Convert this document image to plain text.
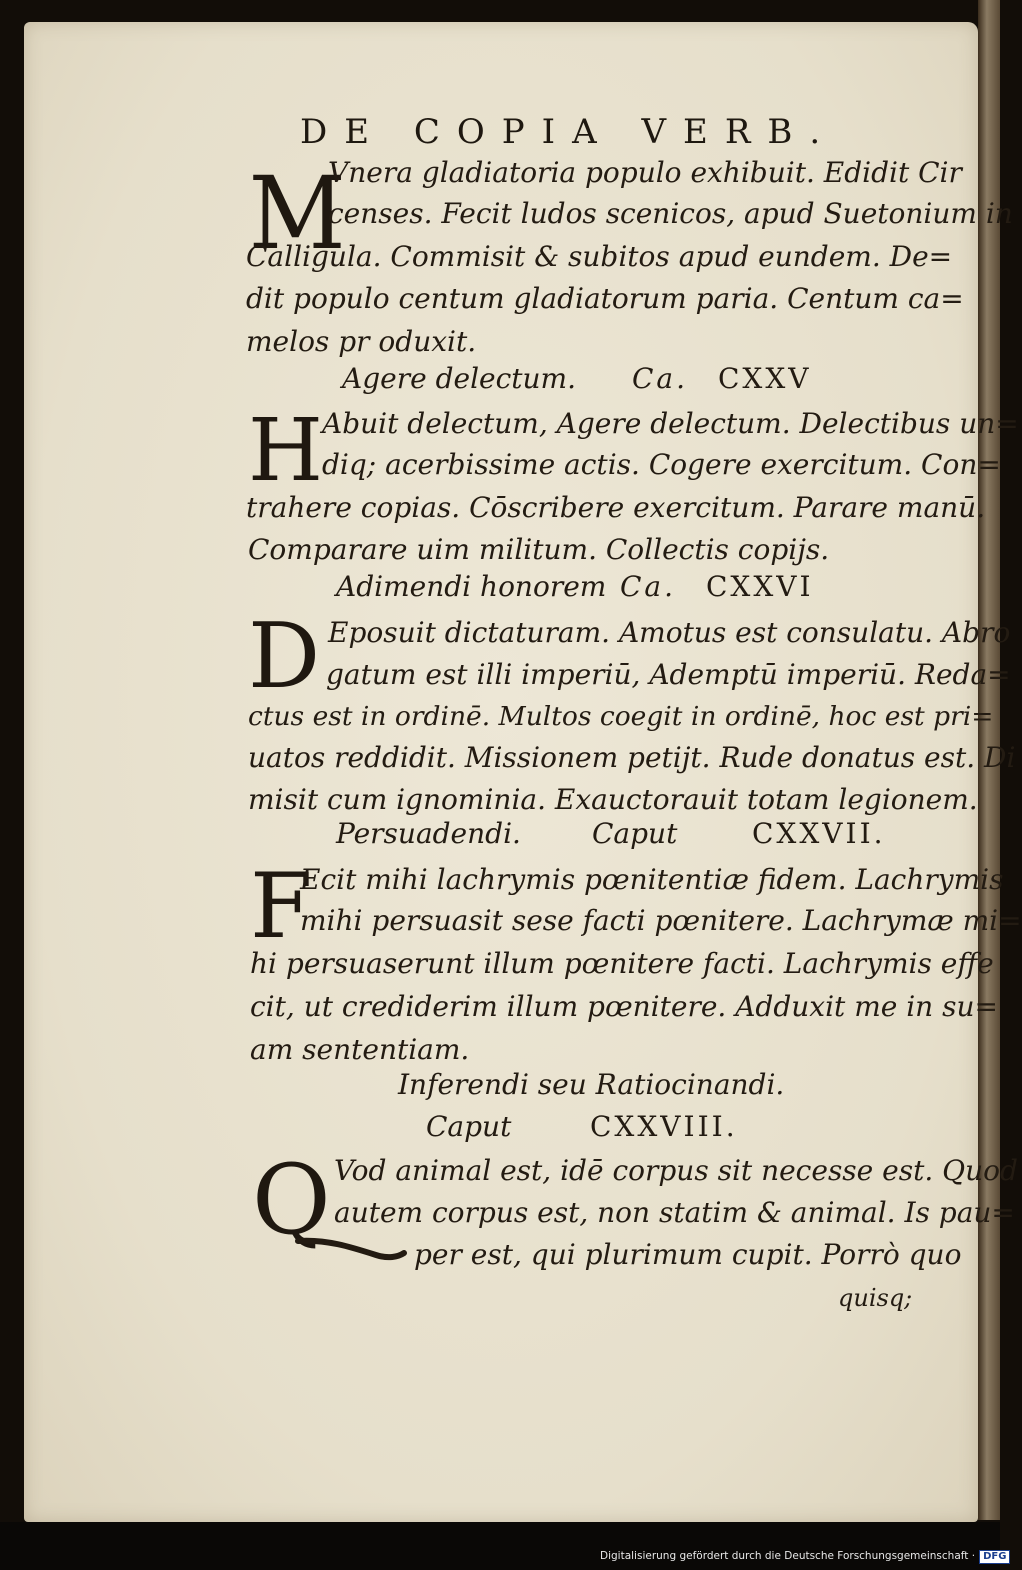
DE COPIA VERB.
M
Vnera gladiatoria populo exhibuit. Edidit Cir
censes. Fecit ludos scenicos, apud Suetonium in
Calligula. Commisit & subitos apud eundem. De=
dit populo centum gladiatorum paria. Centum ca=
melos pr oduxit.
Agere delectum. Ca. CXXV
H Abuit delectum, Agere delectum. Delectibus un=
diq; acerbissime actis. Cogere exercitum. Con=
trahere copias. Cōscribere exercitum. Parare manū.
Comparare uim militum. Collectis copijs.
Adimendi honorem Ca. CXXVI
D Eposuit dictaturam. Amotus est consulatu. Abro
gatum est illi imperiū, Ademptū imperiū. Reda=
ctus est in ordinē. Multos coegit in ordinē, hoc est pri=
uatos reddidit. Missionem petijt. Rude donatus est. Di
misit cum ignominia. Exauctorauit totam legionem.
Persuadendi.	Caput	CXXVII.
F
Ecit mihi lachrymis pœnitentiæ fidem. Lachrymis
mihi persuasit sese facti pœnitere. Lachrymæ mi=
hi persuaserunt illum pœnitere facti. Lachrymis effe
cit, ut crediderim illum pœnitere. Adduxit me in su=
am sententiam.
Inferendi seu Ratiocinandi.
Caput	CXXVIII.
Q Vod animal est, idē corpus sit necesse est. Quod
autem corpus est, non statim & animal. Is pau=
per est, qui plurimum cupit. Porrò quo
quisq;
Digitalisierung gefördert durch die Deutsche Forschungsgemeinschaft · DFG
